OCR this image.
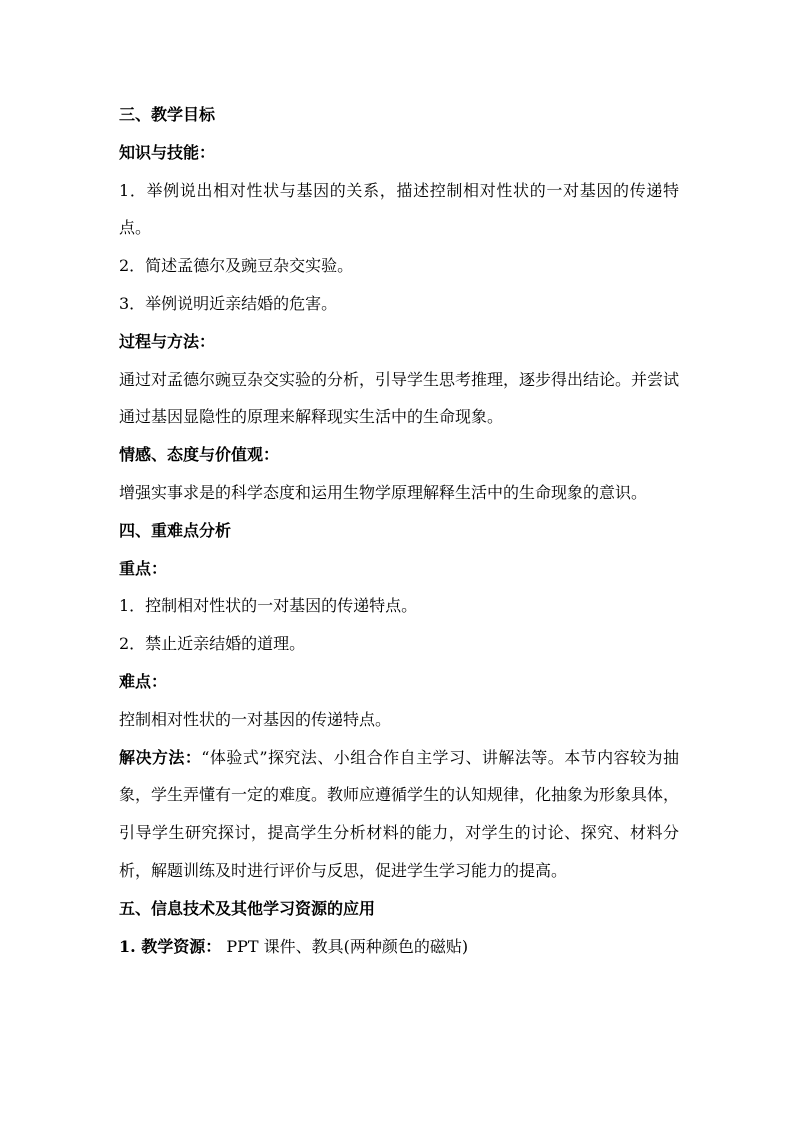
三、教学目标
知识与技能：
1．举例说出相对性状与基因的关系，描述控制相对性状的一对基因的传递特点。
2．简述孟德尔及豌豆杂交实验。
3．举例说明近亲结婚的危害。
过程与方法：
通过对孟德尔豌豆杂交实验的分析，引导学生思考推理，逐步得出结论。并尝试通过基因显隐性的原理来解释现实生活中的生命现象。
情感、态度与价值观：
增强实事求是的科学态度和运用生物学原理解释生活中的生命现象的意识。
四、重难点分析
重点：
1．控制相对性状的一对基因的传递特点。
2．禁止近亲结婚的道理。
难点：
控制相对性状的一对基因的传递特点。
解决方法：“体验式”探究法、小组合作自主学习、讲解法等。本节内容较为抽象，学生弄懂有一定的难度。教师应遵循学生的认知规律，化抽象为形象具体，引导学生研究探讨，提高学生分析材料的能力，对学生的讨论、探究、材料分析，解题训练及时进行评价与反思，促进学生学习能力的提高。
五、信息技术及其他学习资源的应用
1. 教学资源： PPT 课件、教具(两种颜色的磁贴)
